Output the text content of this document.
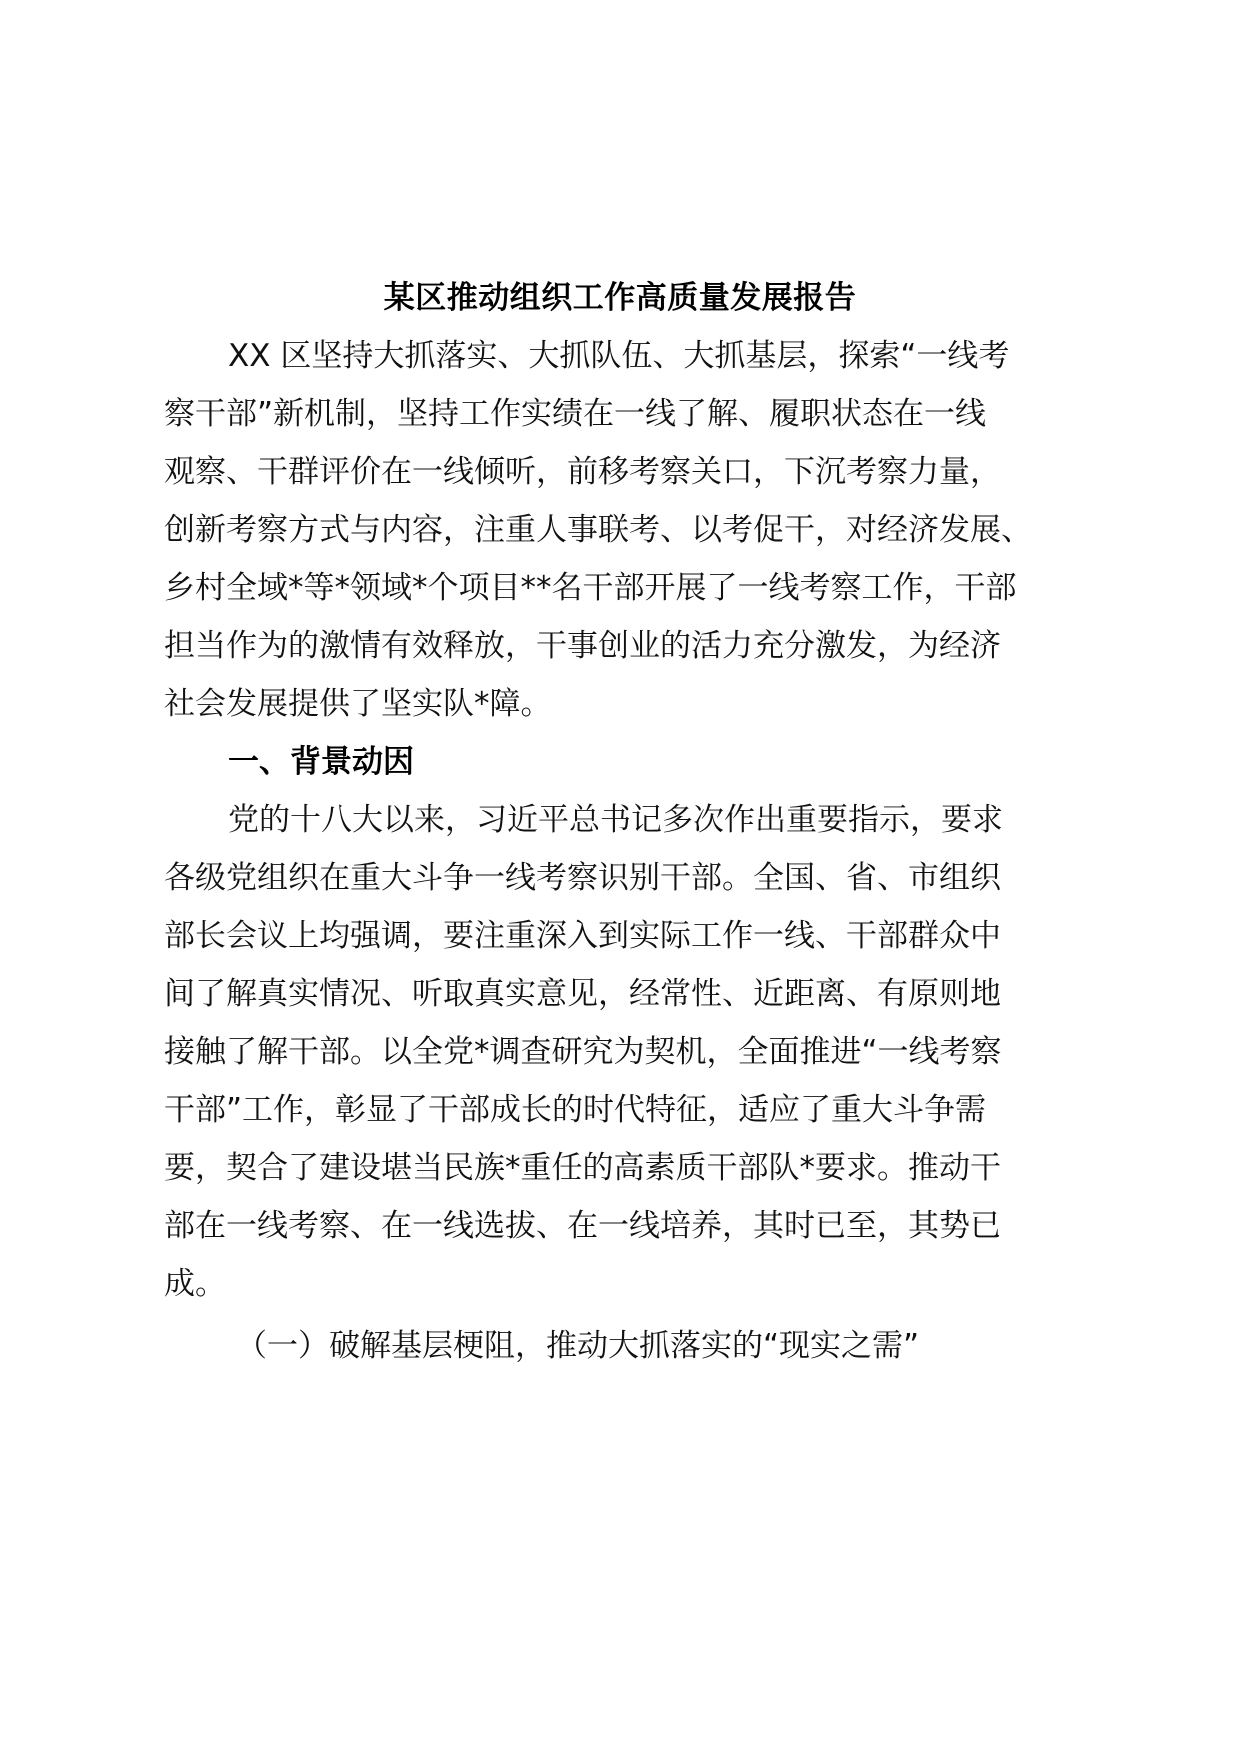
某区推动组织工作高质量发展报告
XX 区坚持大抓落实、大抓队伍、大抓基层，探索“一线考
察干部”新机制，坚持工作实绩在一线了解、履职状态在一线
观察、干群评价在一线倾听，前移考察关口，下沉考察力量，
创新考察方式与内容，注重人事联考、以考促干，对经济发展、
乡村全域*等*领域*个项目**名干部开展了一线考察工作，干部
担当作为的激情有效释放，干事创业的活力充分激发，为经济
社会发展提供了坚实队*障。
一、背景动因
党的十八大以来，习近平总书记多次作出重要指示，要求
各级党组织在重大斗争一线考察识别干部。全国、省、市组织
部长会议上均强调，要注重深入到实际工作一线、干部群众中
间了解真实情况、听取真实意见，经常性、近距离、有原则地
接触了解干部。以全党*调查研究为契机，全面推进“一线考察
干部”工作，彰显了干部成长的时代特征，适应了重大斗争需
要，契合了建设堪当民族*重任的高素质干部队*要求。推动干
部在一线考察、在一线选拔、在一线培养，其时已至，其势已
成。
（一）破解基层梗阻，推动大抓落实的“现实之需”
